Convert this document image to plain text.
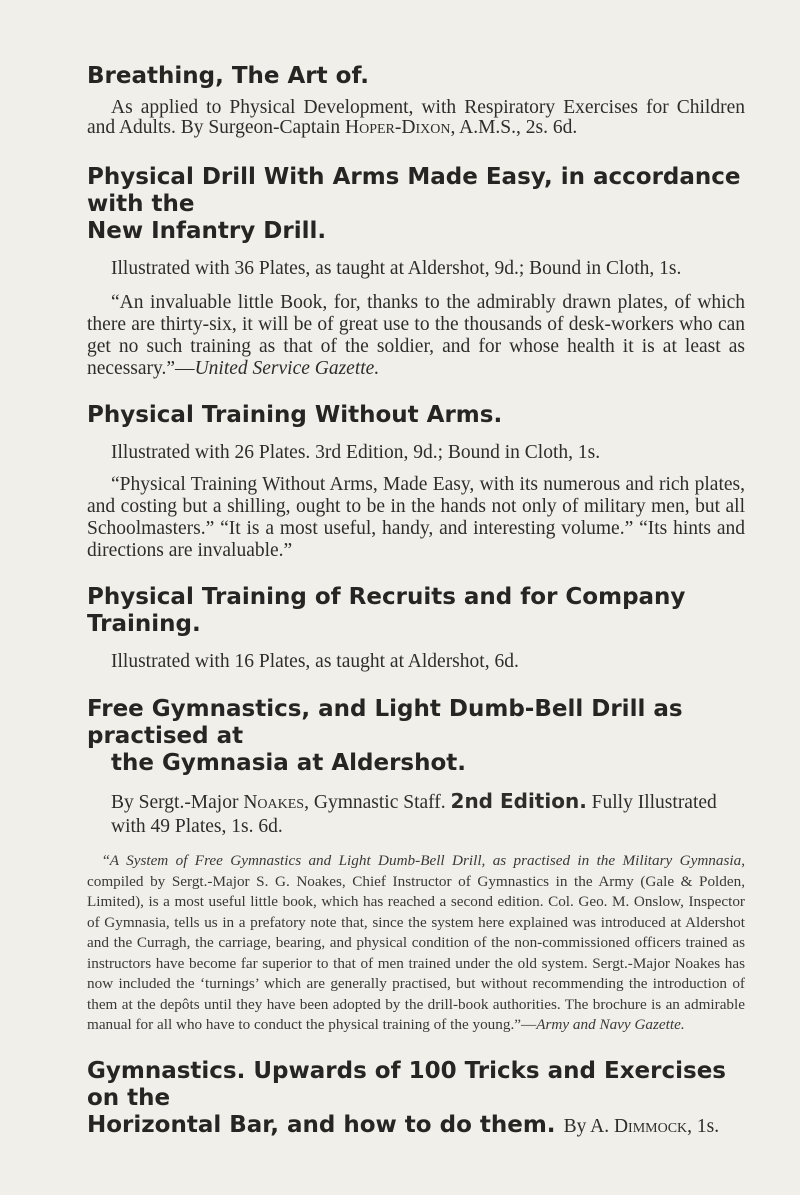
Breathing, The Art of.

As applied to Physical Development, with Respiratory Exercises for Children and Adults. By Surgeon-Captain Hoper-Dixon, A.M.S., 2s. 6d.

Physical Drill With Arms Made Easy, in accordance with the
New Infantry Drill.

Illustrated with 36 Plates, as taught at Aldershot, 9d.; Bound in Cloth, 1s.

“An invaluable little Book, for, thanks to the admirably drawn plates, of which there are thirty-six, it will be of great use to the thousands of desk-workers who can get no such training as that of the soldier, and for whose health it is at least as necessary.”—United Service Gazette.

Physical Training Without Arms.

Illustrated with 26 Plates. 3rd Edition, 9d.; Bound in Cloth, 1s.

“Physical Training Without Arms, Made Easy, with its numerous and rich plates, and costing but a shilling, ought to be in the hands not only of military men, but all Schoolmasters.” “It is a most useful, handy, and interesting volume.” “Its hints and directions are invaluable.”

Physical Training of Recruits and for Company Training.

Illustrated with 16 Plates, as taught at Aldershot, 6d.

Free Gymnastics, and Light Dumb-Bell Drill as practised at
the Gymnasia at Aldershot.

By Sergt.-Major Noakes, Gymnastic Staff. 2nd Edition. Fully Illustrated with 49 Plates, 1s. 6d.

“A System of Free Gymnastics and Light Dumb-Bell Drill, as practised in the Military Gymnasia, compiled by Sergt.-Major S. G. Noakes, Chief Instructor of Gymnastics in the Army (Gale & Polden, Limited), is a most useful little book, which has reached a second edition. Col. Geo. M. Onslow, Inspector of Gymnasia, tells us in a prefatory note that, since the system here explained was introduced at Aldershot and the Curragh, the carriage, bearing, and physical condition of the non-commissioned officers trained as instructors have become far superior to that of men trained under the old system. Sergt.-Major Noakes has now included the ‘turnings’ which are generally practised, but without recommending the introduction of them at the depôts until they have been adopted by the drill-book authorities. The brochure is an admirable manual for all who have to conduct the physical training of the young.”—Army and Navy Gazette.

Gymnastics. Upwards of 100 Tricks and Exercises on the
Horizontal Bar, and how to do them. By A. Dimmock, 1s.
